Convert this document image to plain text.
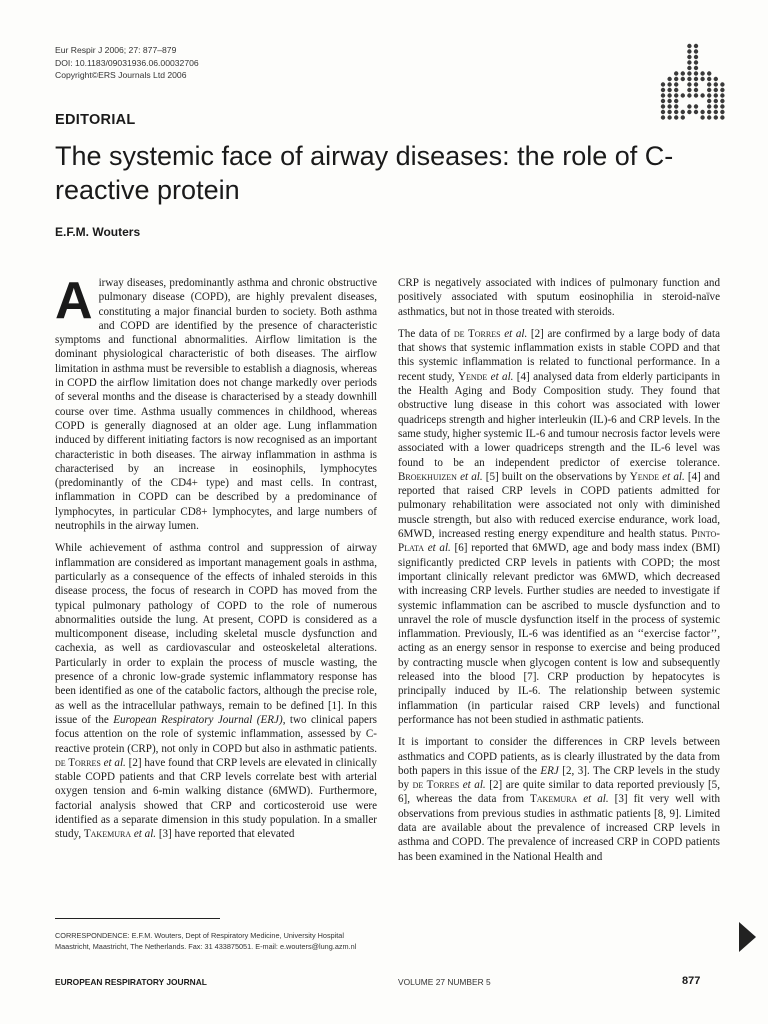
Eur Respir J 2006; 27: 877–879
DOI: 10.1183/09031936.06.00032706
Copyright©ERS Journals Ltd 2006
EDITORIAL
The systemic face of airway diseases: the role of C-reactive protein
E.F.M. Wouters

Airway diseases, predominantly asthma and chronic obstructive pulmonary disease (COPD), are highly prevalent diseases, constituting a major financial burden to society. Both asthma and COPD are identified by the presence of characteristic symptoms and functional abnormalities. Airflow limitation is the dominant physiological characteristic of both diseases. The airflow limitation in asthma must be reversible to establish a diagnosis, whereas in COPD the airflow limitation does not change markedly over periods of several months and the disease is characterised by a steady downhill course over time. Asthma usually commences in childhood, whereas COPD is generally diagnosed at an older age. Lung inflammation induced by different initiating factors is now recognised as an important characteristic in both diseases. The airway inflammation in asthma is characterised by an increase in eosinophils, lymphocytes (predominantly of the CD4+ type) and mast cells. In contrast, inflammation in COPD can be described by a predominance of lymphocytes, in particular CD8+ lymphocytes, and large numbers of neutrophils in the airway lumen.

While achievement of asthma control and suppression of airway inflammation are considered as important management goals in asthma, particularly as a consequence of the effects of inhaled steroids in this disease process, the focus of research in COPD has moved from the typical pulmonary pathology of COPD to the role of numerous abnormalities outside the lung. At present, COPD is considered as a multicomponent disease, including skeletal muscle dysfunction and cachexia, as well as cardiovascular and osteoskeletal alterations. Particularly in order to explain the process of muscle wasting, the presence of a chronic low-grade systemic inflammatory response has been identified as one of the catabolic factors, although the precise role, as well as the intracellular pathways, remain to be defined [1]. In this issue of the European Respiratory Journal (ERJ), two clinical papers focus attention on the role of systemic inflammation, assessed by C-reactive protein (CRP), not only in COPD but also in asthmatic patients. de Torres et al. [2] have found that CRP levels are elevated in clinically stable COPD patients and that CRP levels correlate best with arterial oxygen tension and 6-min walking distance (6MWD). Furthermore, factorial analysis showed that CRP and corticosteroid use were identified as a separate dimension in this study population. In a smaller study, Takemura et al. [3] have reported that elevated

CRP is negatively associated with indices of pulmonary function and positively associated with sputum eosinophilia in steroid-naïve asthmatics, but not in those treated with steroids.

The data of de Torres et al. [2] are confirmed by a large body of data that shows that systemic inflammation exists in stable COPD and that this systemic inflammation is related to functional performance. In a recent study, Yende et al. [4] analysed data from elderly participants in the Health Aging and Body Composition study. They found that obstructive lung disease in this cohort was associated with lower quadriceps strength and higher interleukin (IL)-6 and CRP levels. In the same study, higher systemic IL-6 and tumour necrosis factor levels were associated with a lower quadriceps strength and the IL-6 level was found to be an independent predictor of exercise tolerance. Broekhuizen et al. [5] built on the observations by Yende et al. [4] and reported that raised CRP levels in COPD patients admitted for pulmonary rehabilitation were associated not only with diminished muscle strength, but also with reduced exercise endurance, work load, 6MWD, increased resting energy expenditure and health status. Pinto-Plata et al. [6] reported that 6MWD, age and body mass index (BMI) significantly predicted CRP levels in patients with COPD; the most important clinically relevant predictor was 6MWD, which decreased with increasing CRP levels. Further studies are needed to investigate if systemic inflammation can be ascribed to muscle dysfunction and to unravel the role of muscle dysfunction itself in the process of systemic inflammation. Previously, IL-6 was identified as an ‘‘exercise factor’’, acting as an energy sensor in response to exercise and being produced by contracting muscle when glycogen content is low and subsequently released into the blood [7]. CRP production by hepatocytes is principally induced by IL-6. The relationship between systemic inflammation (in particular raised CRP levels) and functional performance has not been studied in asthmatic patients.

It is important to consider the differences in CRP levels between asthmatics and COPD patients, as is clearly illustrated by the data from both papers in this issue of the ERJ [2, 3]. The CRP levels in the study by de Torres et al. [2] are quite similar to data reported previously [5, 6], whereas the data from Takemura et al. [3] fit very well with observations from previous studies in asthmatic patients [8, 9]. Limited data are available about the prevalence of increased CRP levels in asthma and COPD. The prevalence of increased CRP in COPD patients has been examined in the National Health and

CORRESPONDENCE: E.F.M. Wouters, Dept of Respiratory Medicine, University Hospital Maastricht, Maastricht, The Netherlands. Fax: 31 433875051. E-mail: e.wouters@lung.azm.nl
EUROPEAN RESPIRATORY JOURNAL	VOLUME 27 NUMBER 5	877
